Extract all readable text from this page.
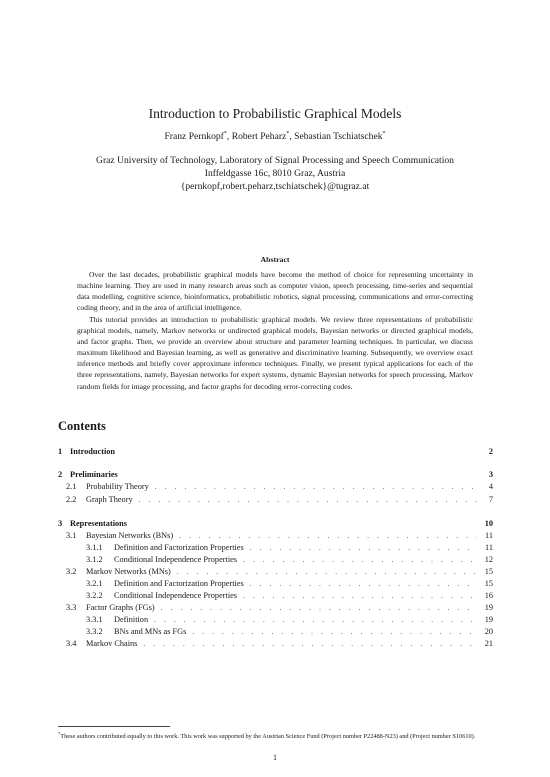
Introduction to Probabilistic Graphical Models
Franz Pernkopf*, Robert Peharz*, Sebastian Tschiatschek*
Graz University of Technology, Laboratory of Signal Processing and Speech Communication
Inffeldgasse 16c, 8010 Graz, Austria
{pernkopf,robert.peharz,tschiatschek}@tugraz.at
Abstract

Over the last decades, probabilistic graphical models have become the method of choice for representing uncertainty in machine learning. They are used in many research areas such as computer vision, speech processing, time-series and sequential data modelling, cognitive science, bioinformatics, probabilistic robotics, signal processing, communications and error-correcting coding theory, and in the area of artificial intelligence.

This tutorial provides an introduction to probabilistic graphical models. We review three representations of probabilistic graphical models, namely, Markov networks or undirected graphical models, Bayesian networks or directed graphical models, and factor graphs. Then, we provide an overview about structure and parameter learning techniques. In particular, we discuss maximum likelihood and Bayesian learning, as well as generative and discriminative learning. Subsequently, we overview exact inference methods and briefly cover approximate inference techniques. Finally, we present typical applications for each of the three representations, namely, Bayesian networks for expert systems, dynamic Bayesian networks for speech processing, Markov random fields for image processing, and factor graphs for decoding error-correcting codes.

Contents
1 Introduction	2
2 Preliminaries	3
2.1	Probability Theory . . .	4
2.2	Graph Theory . . .	7
3 Representations	10
3.1	Bayesian Networks (BNs) . . .	11
3.1.1	Definition and Factorization Properties . . .	11
3.1.2	Conditional Independence Properties . . .	12
3.2	Markov Networks (MNs) . . .	15
3.2.1	Definition and Factorization Properties . . .	15
3.2.2	Conditional Independence Properties . . .	16
3.3	Factor Graphs (FGs) . . .	19
3.3.1	Definition . . .	19
3.3.2	BNs and MNs as FGs . . .	20
3.4	Markov Chains . . .	21
*These authors contributed equally to this work. This work was supported by the Austrian Science Fund (Project number P22488-N23) and (Project number S10610).
1
